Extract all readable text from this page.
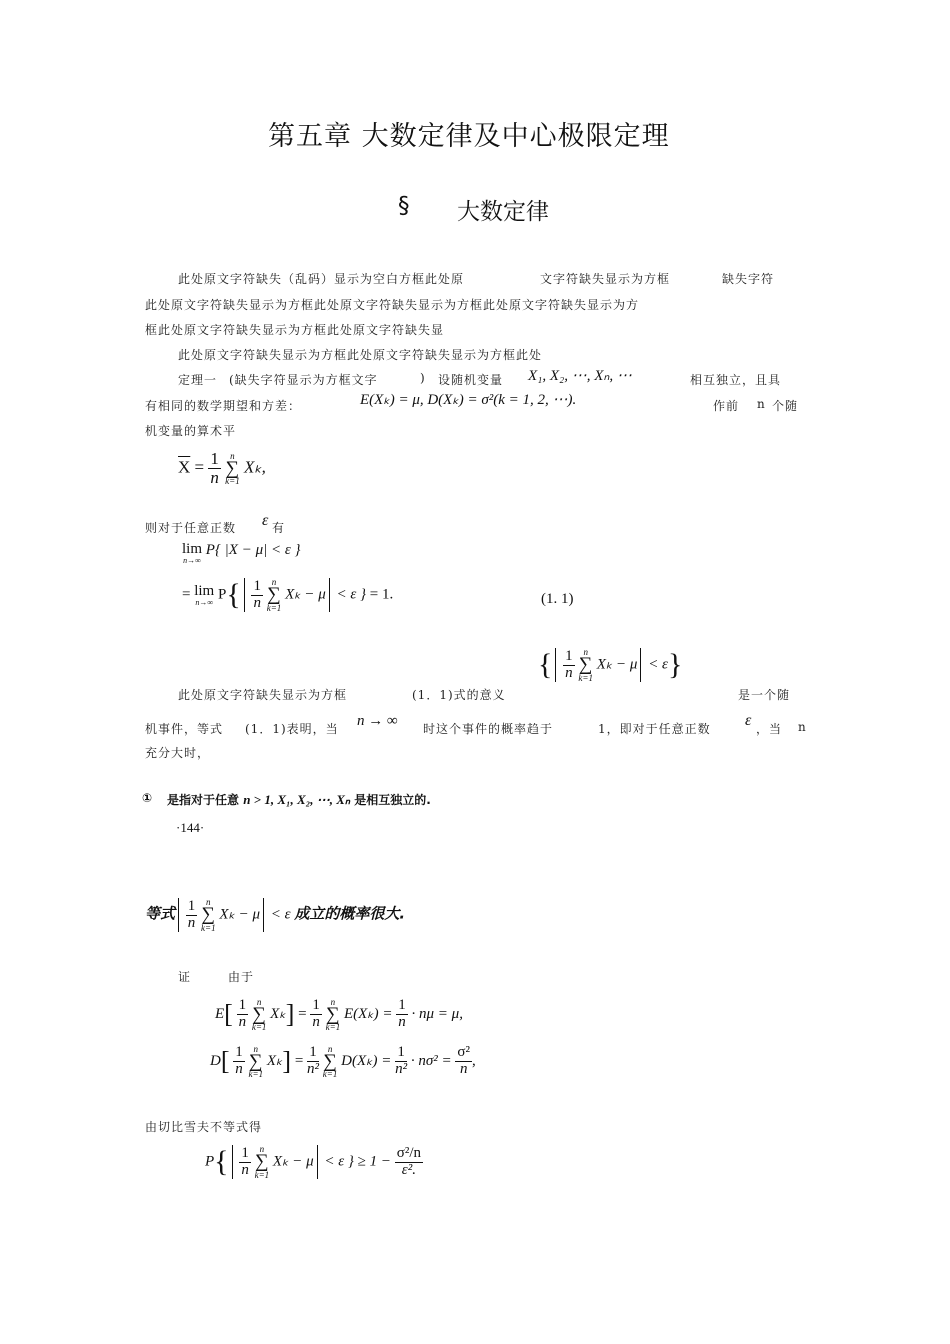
第五章 大数定律及中心极限定理
§ 大数定律
此处原文字符缺失（乱码）显示为空白方框此处原	文字符缺失显示为方框	缺失字符
此处原文字符缺失显示为方框此处原文字符缺失显示为方框此处原文字符缺失显示为方
框此处原文字符缺失显示为方框此处原文字符缺失显
此处原文字符缺失显示为方框此处原文字符缺失显示为方框此处
定理一 (缺失字符显示为方框文字	) 设随机变量 X₁, X₂, ⋯, Xₙ, ⋯	相互独立，且具
有相同的数学期望和方差：	E(Xₖ) = μ, D(Xₖ) = σ²(k = 1, 2, ⋯).	作前 n 个随
机变量的算术平
$\overline{X} = \frac{1}{n}$
	n
∑
k=1
Xₖ,
则对于任意正数 ε 有
lim
n→∞
P{ |X − μ| < ε }
= lim
n→∞ $P\{ \frac{1}{n}$
n
∑
k=1
Xₖ − μ < ε } = 1.	(1. 1)
{ $\frac{1}{n}$
n
∑
k=1
Xₖ − μ < ε}
此处原文字符缺失显示为方框	(1．1)式的意义	是一个随
机事件，等式 (1．1)表明，当 n → ∞ 时这个事件的概率趋于	1，即对于任意正数 ε ，当 n
充分大时，
① 是指对于任意 n > 1, X₁, X₂, ⋯, Xₙ 是相互独立的.
·144·
等式 $\frac{1}{n}$
n
∑
k=1
Xₖ − μ < ε 成立的概率很大.
证	由于
$E[ \frac{1}{n}$
n
∑
k=1
$X_k] = \frac{1}{n}$
n
∑
k=1
$E(X_k) = \frac{1}{n} \cdot n\mu = \mu$,
$D[ \frac{1}{n}$
n
∑
k=1
$X_k] = \frac{1}{\text{n²}}$
n
∑
k=1
$D(X_k) = \frac{1}{\text{n²}} \cdot n\sigma^2 = \frac{\text{σ²}}{n}$ ,
由切比雪夫不等式得
$P\{ \frac{1}{n}$
n
∑
k=1
Xₖ − μ < ε } ≥ $1 - \frac{\text{σ²/n}}{\text{ε².}}$
